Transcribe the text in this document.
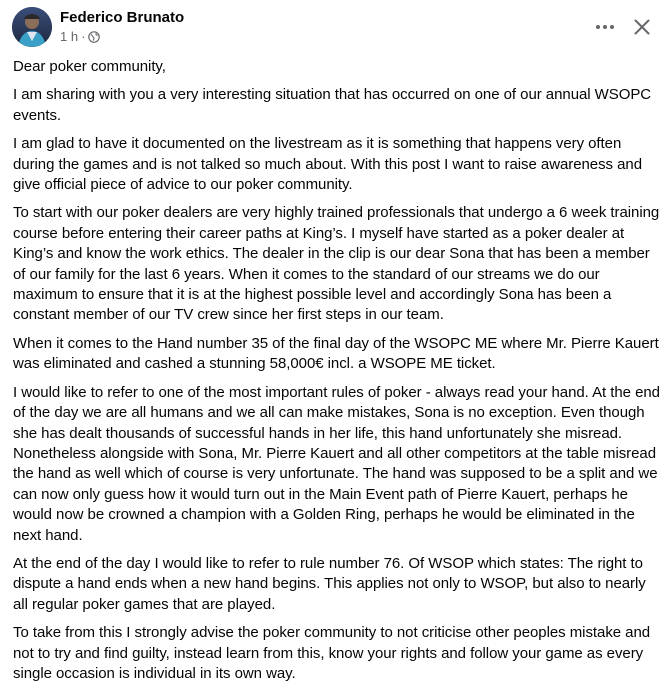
Federico Brunato
1 h ·

Dear poker community,

I am sharing with you a very interesting situation that has occurred on one of our annual WSOPC events.

I am glad to have it documented on the livestream as it is something that happens very often during the games and is not talked so much about. With this post I want to raise awareness and give official piece of advice to our poker community.

To start with our poker dealers are very highly trained professionals that undergo a 6 week training course before entering their career paths at King’s. I myself have started as a poker dealer at King’s and know the work ethics. The dealer in the clip is our dear Sona that has been a member of our family for the last 6 years. When it comes to the standard of our streams we do our maximum to ensure that it is at the highest possible level and accordingly Sona has been a constant member of our TV crew since her first steps in our team.

When it comes to the Hand number 35 of the final day of the WSOPC ME where Mr. Pierre Kauert was eliminated and cashed a stunning 58,000€ incl. a WSOPE ME ticket.

I would like to refer to one of the most important rules of poker - always read your hand. At the end of the day we are all humans and we all can make mistakes, Sona is no exception. Even though she has dealt thousands of successful hands in her life, this hand unfortunately she misread. Nonetheless alongside with Sona, Mr. Pierre Kauert and all other competitors at the table misread the hand as well which of course is very unfortunate. The hand was supposed to be a split and we can now only guess how it would turn out in the Main Event path of Pierre Kauert, perhaps he would now be crowned a champion with a Golden Ring, perhaps he would be eliminated in the next hand.

At the end of the day I would like to refer to rule number 76. Of WSOP which states: The right to dispute a hand ends when a new hand begins. This applies not only to WSOP, but also to nearly all regular poker games that are played.

To take from this I strongly advise the poker community to not criticise other peoples mistake and not to try and find guilty, instead learn from this, know your rights and follow your game as every single occasion is individual in its own way.
